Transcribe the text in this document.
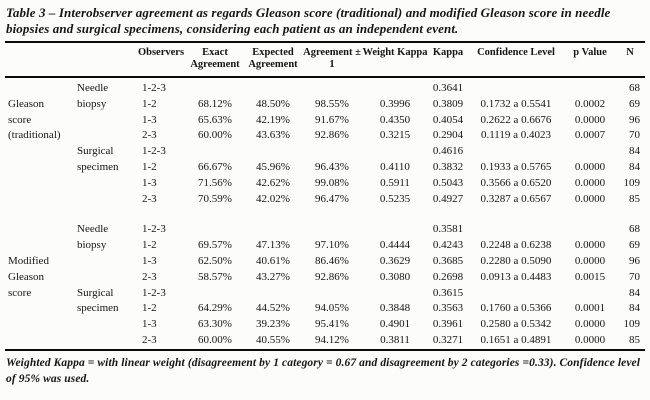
Table 3 – Interobserver agreement as regards Gleason score (traditional) and modified Gleason score in needle biopsies and surgical specimens, considering each patient as an independent event.
		Observers	Exact Agreement	Expected Agreement	Agreement ± 1	Weight Kappa	Kappa	Confidence Level	p Value	N
	Needle	1-2-3					0.3641			68
Gleason	biopsy	1-2	68.12%	48.50%	98.55%	0.3996	0.3809	0.1732 a 0.5541	0.0002	69
score		1-3	65.63%	42.19%	91.67%	0.4350	0.4054	0.2622 a 0.6676	0.0000	96
(traditional)		2-3	60.00%	43.63%	92.86%	0.3215	0.2904	0.1119 a 0.4023	0.0007	70
	Surgical	1-2-3					0.4616			84
	specimen	1-2	66.67%	45.96%	96.43%	0.4110	0.3832	0.1933 a 0.5765	0.0000	84
		1-3	71.56%	42.62%	99.08%	0.5911	0.5043	0.3566 a 0.6520	0.0000	109
		2-3	70.59%	42.02%	96.47%	0.5235	0.4927	0.3287 a 0.6567	0.0000	85

	Needle	1-2-3					0.3581			68
	biopsy	1-2	69.57%	47.13%	97.10%	0.4444	0.4243	0.2248 a 0.6238	0.0000	69
Modified		1-3	62.50%	40.61%	86.46%	0.3629	0.3685	0.2280 a 0.5090	0.0000	96
Gleason		2-3	58.57%	43.27%	92.86%	0.3080	0.2698	0.0913 a 0.4483	0.0015	70
score	Surgical	1-2-3					0.3615			84
	specimen	1-2	64.29%	44.52%	94.05%	0.3848	0.3563	0.1760 a 0.5366	0.0001	84
		1-3	63.30%	39.23%	95.41%	0.4901	0.3961	0.2580 a 0.5342	0.0000	109
		2-3	60.00%	40.55%	94.12%	0.3811	0.3271	0.1651 a 0.4891	0.0000	85
Weighted Kappa = with linear weight (disagreement by 1 category = 0.67 and disagreement by 2 categories =0.33). Confidence level of 95% was used.
